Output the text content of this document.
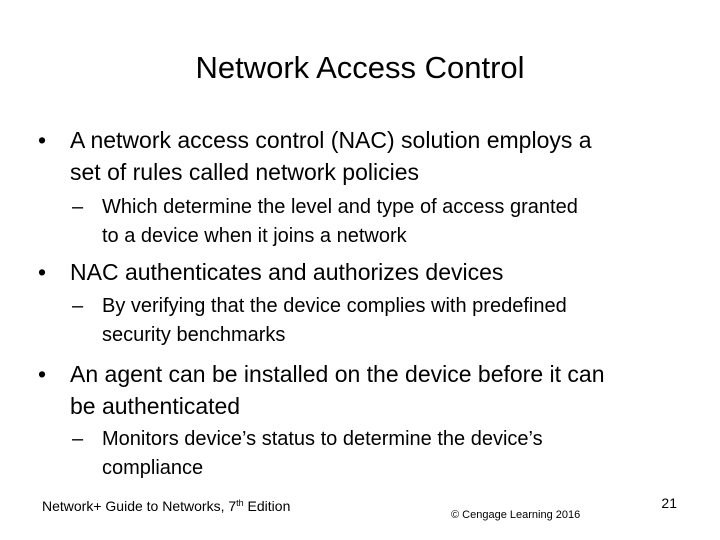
Network Access Control
• A network access control (NAC) solution employs a
set of rules called network policies
– Which determine the level and type of access granted
to a device when it joins a network
• NAC authenticates and authorizes devices
– By verifying that the device complies with predefined
security benchmarks
• An agent can be installed on the device before it can
be authenticated
– Monitors device’s status to determine the device’s
compliance
Network+ Guide to Networks, 7th Edition
© Cengage Learning 2016
21
